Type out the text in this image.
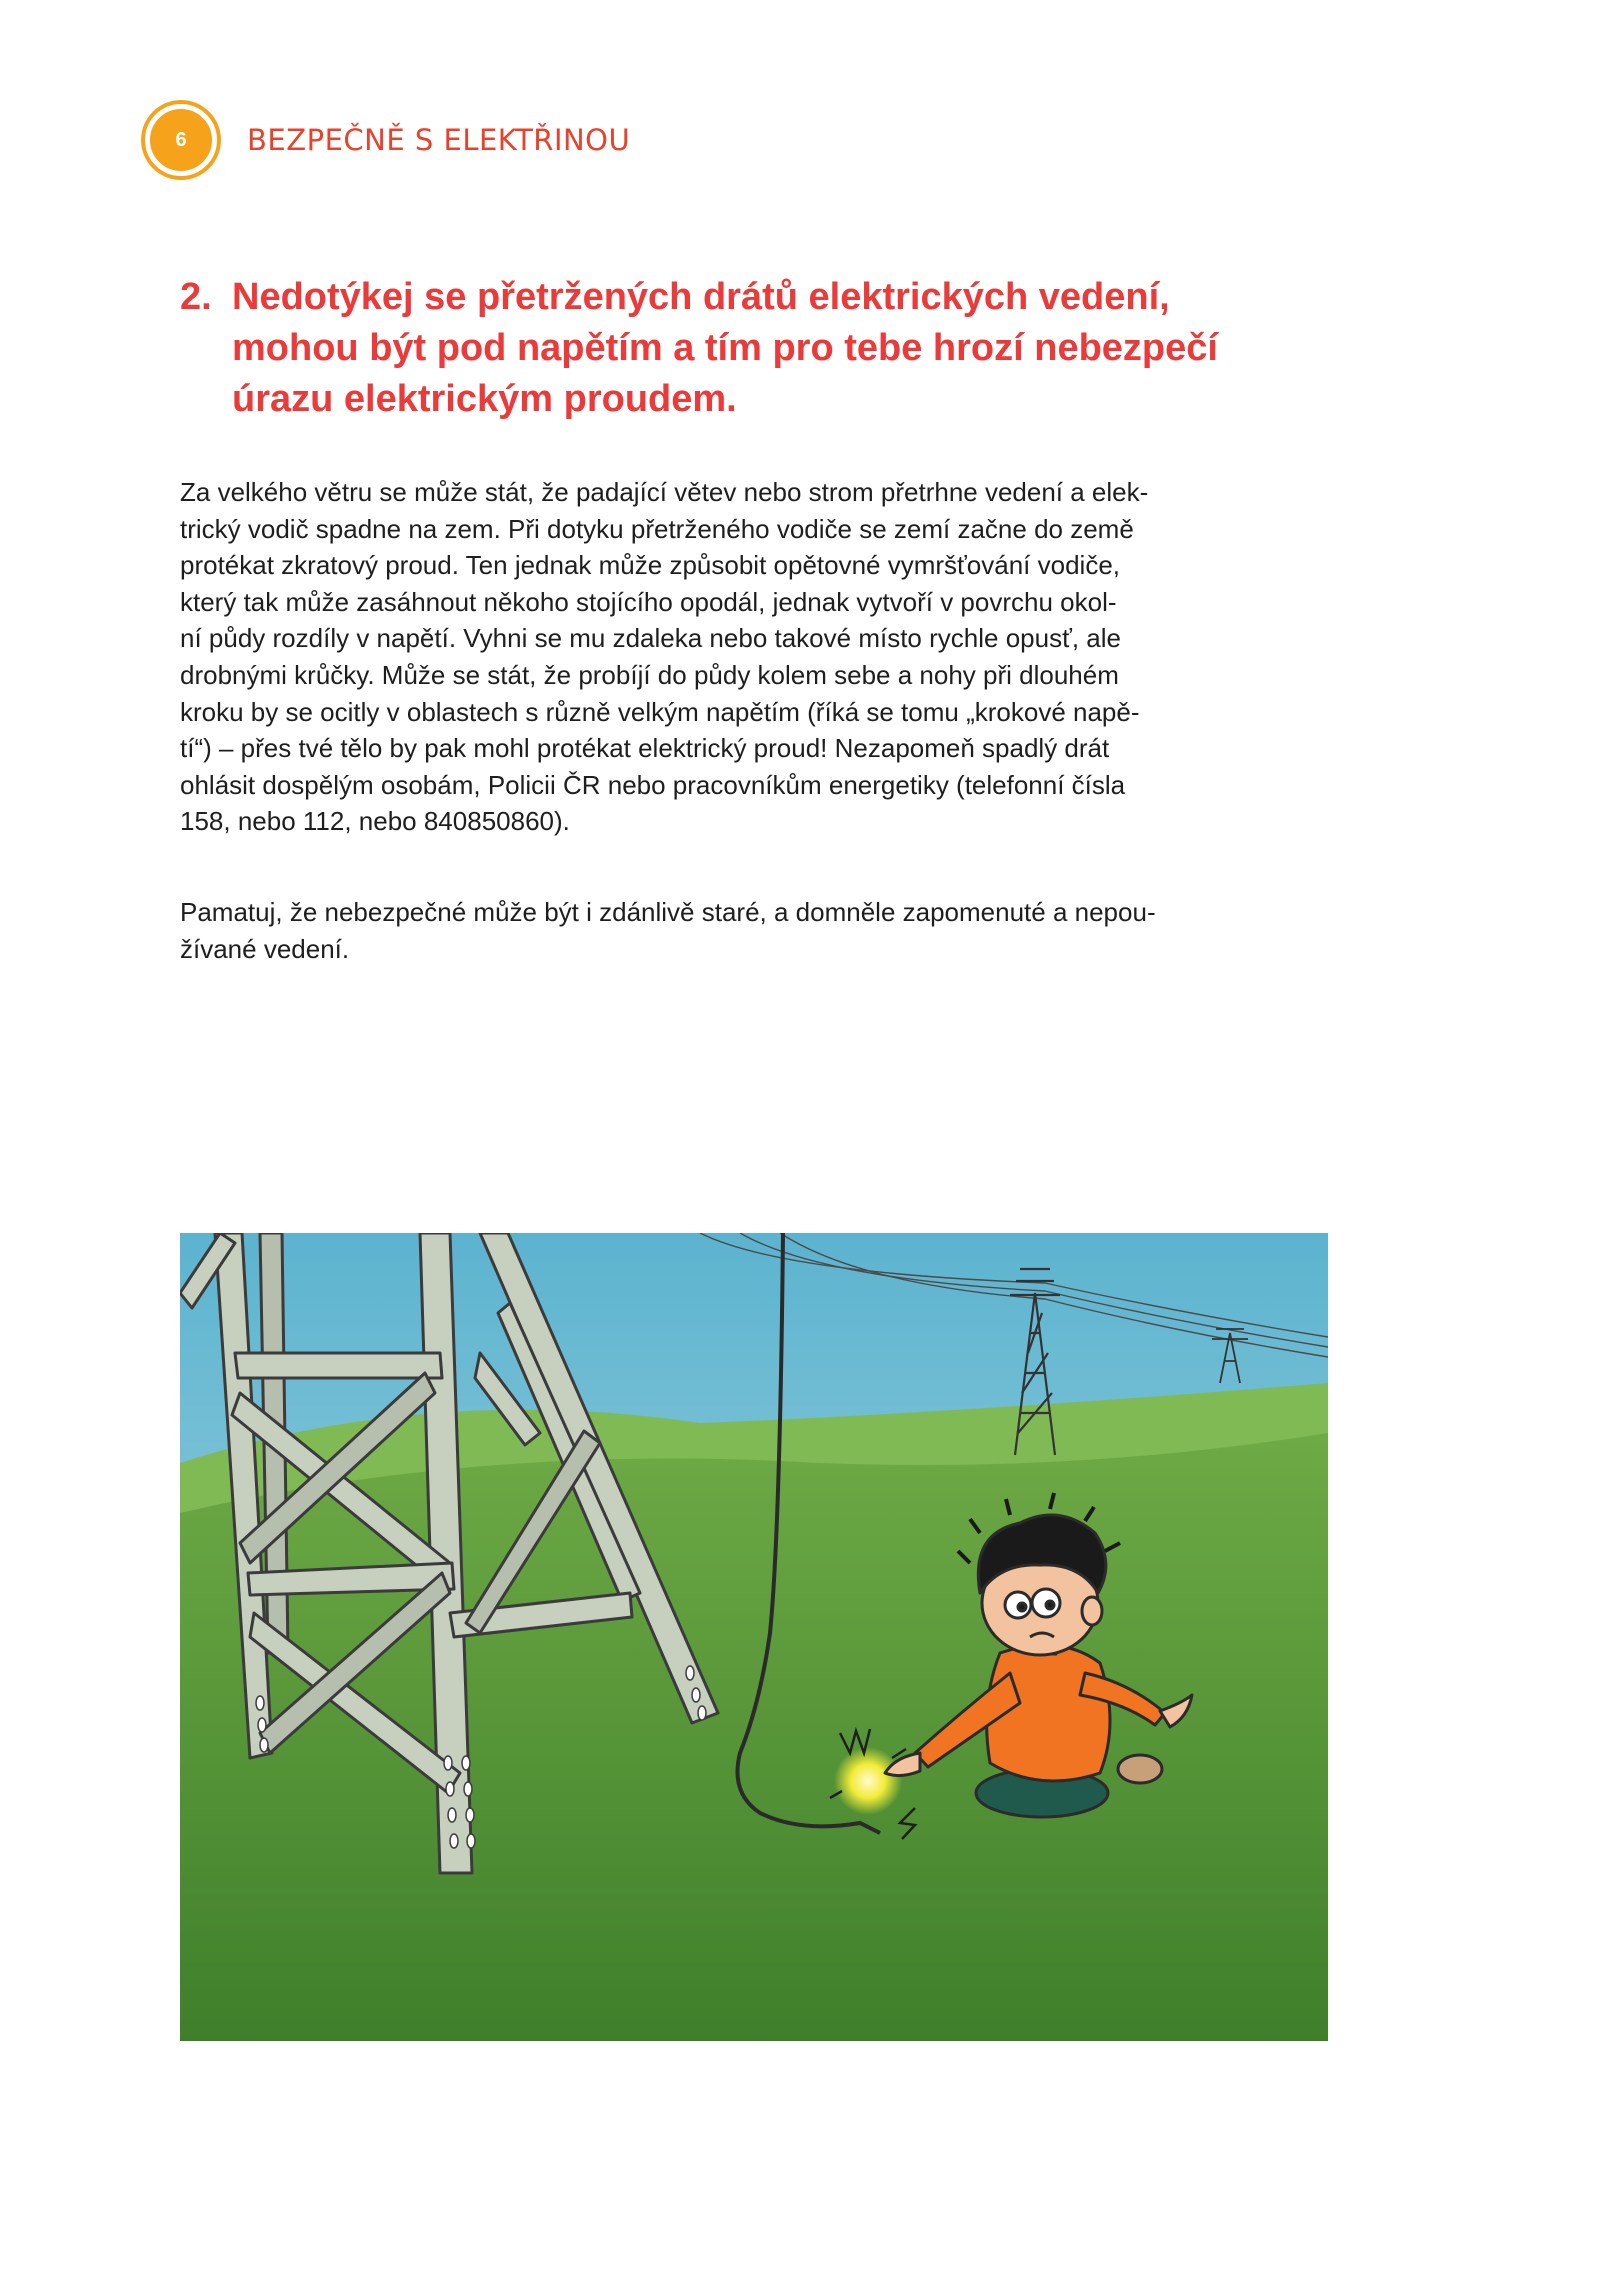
6	BEZPEČNĚ S ELEKTŘINOU
2. Nedotýkej se přetržených drátů elektrických vedení,
mohou být pod napětím a tím pro tebe hrozí nebezpečí
úrazu elektrickým proudem.
Za velkého větru se může stát, že padající větev nebo strom přetrhne vedení a elek-
trický vodič spadne na zem. Při dotyku přetrženého vodiče se zemí začne do země
protékat zkratový proud. Ten jednak může způsobit opětovné vymršťování vodiče,
který tak může zasáhnout někoho stojícího opodál, jednak vytvoří v povrchu okol-
ní půdy rozdíly v napětí. Vyhni se mu zdaleka nebo takové místo rychle opusť, ale
drobnými krůčky. Může se stát, že probíjí do půdy kolem sebe a nohy při dlouhém
kroku by se ocitly v oblastech s různě velkým napětím (říká se tomu „krokové napě-
tí“) – přes tvé tělo by pak mohl protékat elektrický proud! Nezapomeň spadlý drát
ohlásit dospělým osobám, Policii ČR nebo pracovníkům energetiky (telefonní čísla
158, nebo 112, nebo 840850860).
Pamatuj, že nebezpečné může být i zdánlivě staré, a domněle zapomenuté a nepou-
žívané vedení.
